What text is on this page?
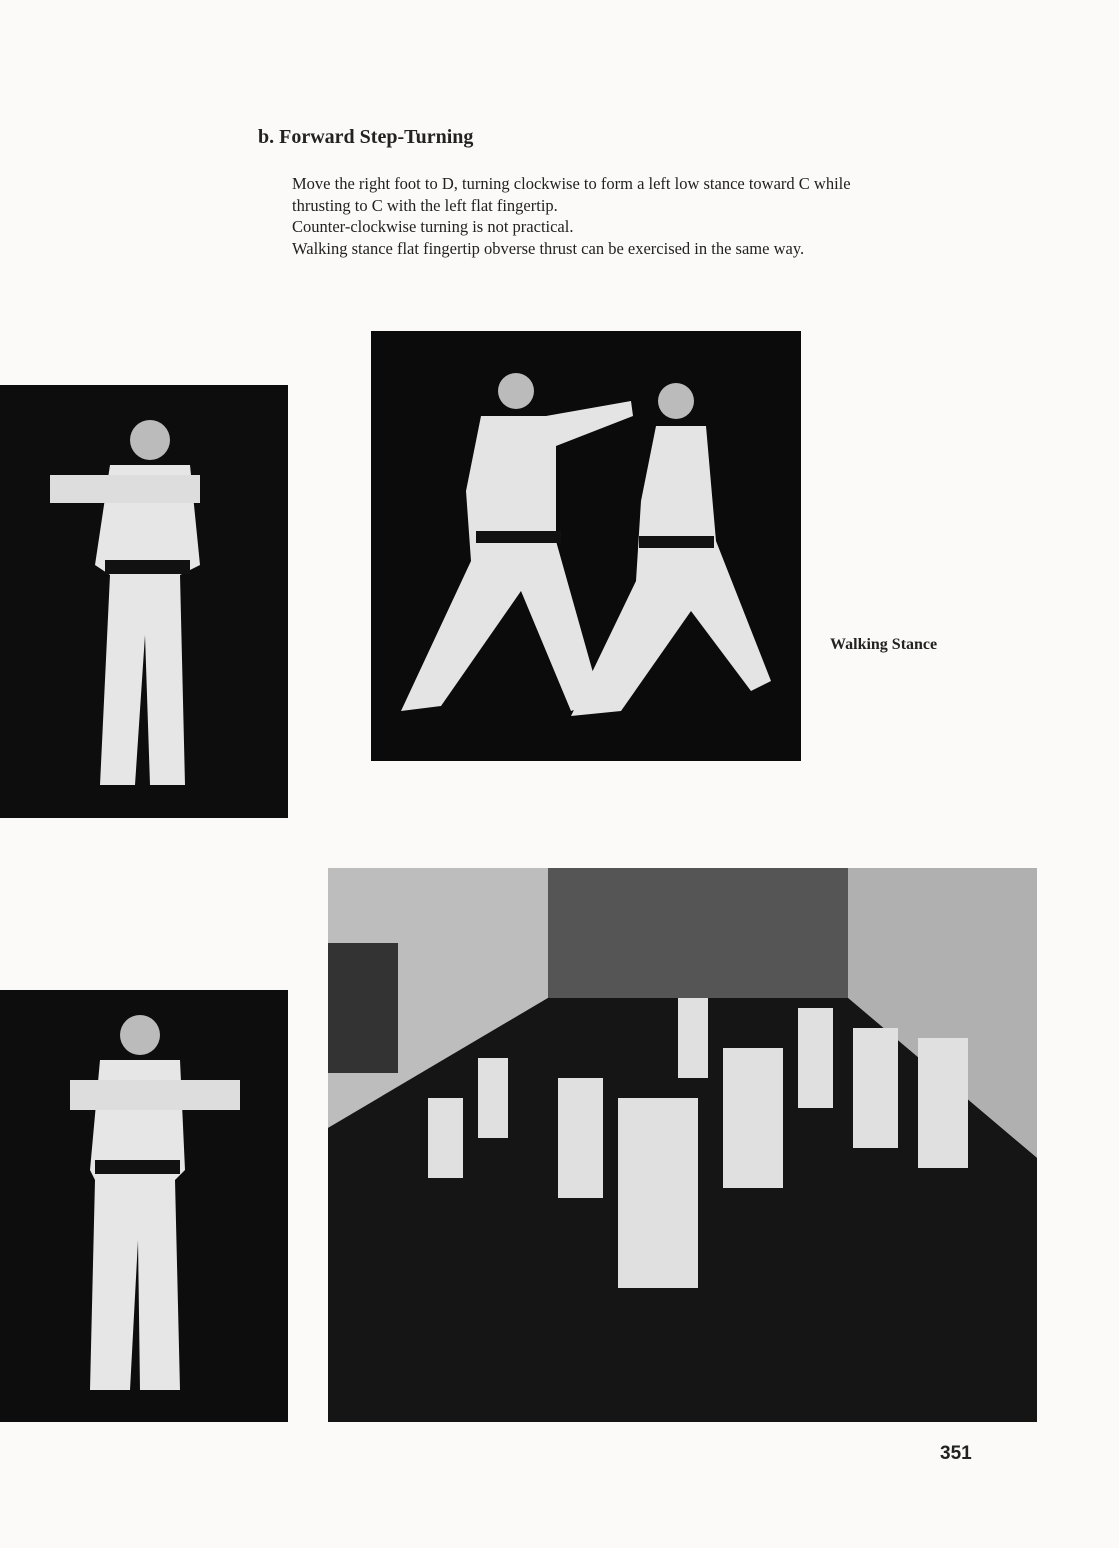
b. Forward Step-Turning

Move the right foot to D, turning clockwise to form a left low stance toward C while thrusting to C with the left flat fingertip.

Counter-clockwise turning is not practical.

Walking stance flat fingertip obverse thrust can be exercised in the same way.

Walking Stance
351
